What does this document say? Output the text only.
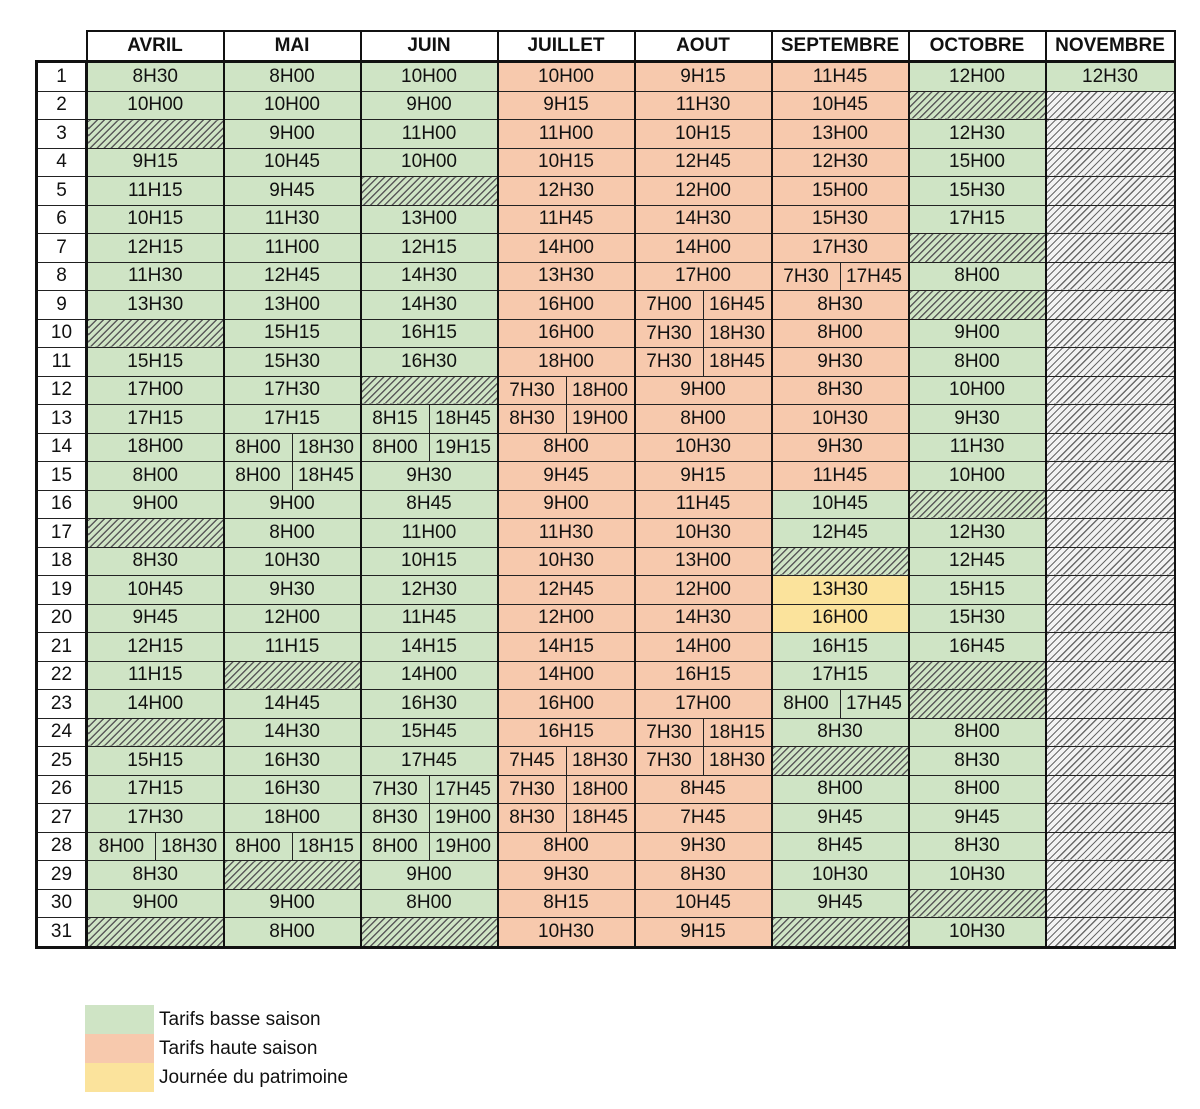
	AVRIL	MAI	JUIN	JUILLET	AOUT	SEPTEMBRE	OCTOBRE	NOVEMBRE
1	8H30	8H00	10H00	10H00	9H15	11H45	12H00	12H30
2	10H00	10H00	9H00	9H15	11H30	10H45		
3		9H00	11H00	11H00	10H15	13H00	12H30	
4	9H15	10H45	10H00	10H15	12H45	12H30	15H00	
5	11H15	9H45		12H30	12H00	15H00	15H30	
6	10H15	11H30	13H00	11H45	14H30	15H30	17H15	
7	12H15	11H00	12H15	14H00	14H00	17H30		
8	11H30	12H45	14H30	13H30	17H00	7H30 17H45	8H00	
9	13H30	13H00	14H30	16H00	7H00 16H45	8H30		
10		15H15	16H15	16H00	7H30 18H30	8H00	9H00	
11	15H15	15H30	16H30	18H00	7H30 18H45	9H30	8H00	
12	17H00	17H30		7H30 18H00	9H00	8H30	10H00	
13	17H15	17H15	8H15 18H45	8H30 19H00	8H00	10H30	9H30	
14	18H00	8H00 18H30	8H00 19H15	8H00	10H30	9H30	11H30	
15	8H00	8H00 18H45	9H30	9H45	9H15	11H45	10H00	
16	9H00	9H00	8H45	9H00	11H45	10H45		
17		8H00	11H00	11H30	10H30	12H45	12H30	
18	8H30	10H30	10H15	10H30	13H00		12H45	
19	10H45	9H30	12H30	12H45	12H00	13H30	15H15	
20	9H45	12H00	11H45	12H00	14H30	16H00	15H30	
21	12H15	11H15	14H15	14H15	14H00	16H15	16H45	
22	11H15		14H00	14H00	16H15	17H15		
23	14H00	14H45	16H30	16H00	17H00	8H00 17H45		

24		14H30	15H45	16H15	7H30 18H15	8H30	8H00	
25	15H15	16H30	17H45	7H45 18H30	7H30 18H30		8H30	
26	17H15	16H30	7H30 17H45	7H30 18H00	8H45	8H00	8H00	
27	17H30	18H00	8H30 19H00	8H30 18H45	7H45	9H45	9H45	
28	8H00 18H30	8H00 18H15	8H00 19H00	8H00	9H30	8H45	8H30	
29	8H30		9H00	9H30	8H30	10H30	10H30	
30	9H00	9H00	8H00	8H15	10H45	9H45		
31		8H00		10H30	9H15		10H30	
Tarifs basse saison
Tarifs haute saison
Journée du patrimoine
